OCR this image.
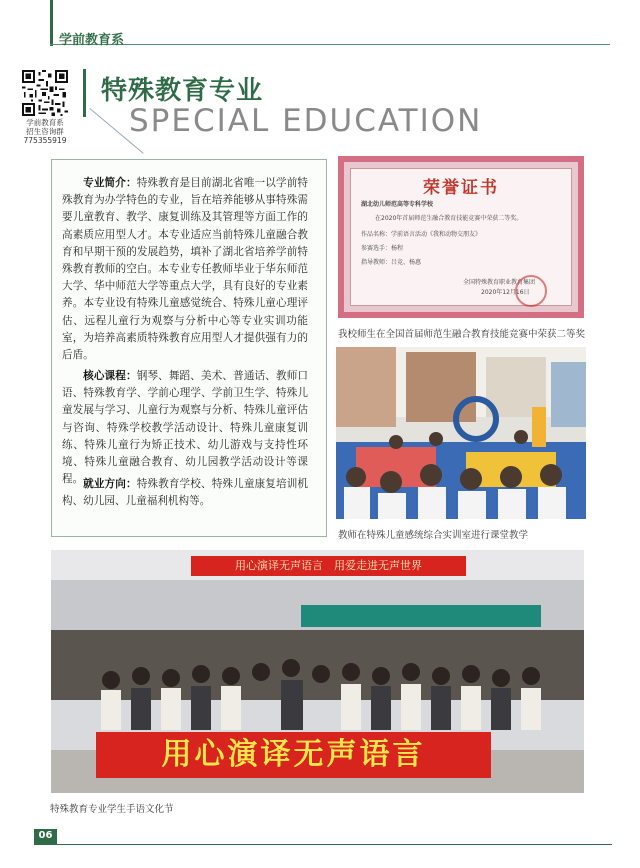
学前教育系
学前教育系
招生咨询群
775355919
特殊教育专业
SPECIAL EDUCATION
专业简介：特殊教育是目前湖北省唯一以学前特殊教育为办学特色的专业，旨在培养能够从事特殊需要儿童教育、教学、康复训练及其管理等方面工作的高素质应用型人才。本专业适应当前特殊儿童融合教育和早期干预的发展趋势，填补了湖北省培养学前特殊教育教师的空白。本专业专任教师毕业于华东师范大学、华中师范大学等重点大学，具有良好的专业素养。本专业设有特殊儿童感觉统合、特殊儿童心理评估、远程儿童行为观察与分析中心等专业实训功能室，为培养高素质特殊教育应用型人才提供强有力的后盾。
核心课程：钢琴、舞蹈、美术、普通话、教师口语、特殊教育学、学前心理学、学前卫生学、特殊儿童发展与学习、儿童行为观察与分析、特殊儿童评估与咨询、特殊学校教学活动设计、特殊儿童康复训练、特殊儿童行为矫正技术、幼儿游戏与支持性环境、特殊儿童融合教育、幼儿园教学活动设计等课程。 就业方向：特殊教育学校、特殊儿童康复培训机构、幼儿园、儿童福利机构等。
荣誉证书
湖北幼儿师范高等专科学校
在2020年首届师范生融合教育技能竞赛中荣获二等奖。
作品名称：学前语言活动《我和动物交朋友》
参赛选手：杨程
指导教师：吕竞、杨惠
全国特殊教育职业教育集团
2020年12月16日
我校师生在全国首届师范生融合教育技能竞赛中荣获二等奖
教师在特殊儿童感统综合实训室进行课堂教学
用心演译无声语言　用爱走进无声世界
用心演译无声语言
特殊教育专业学生手语文化节
06
